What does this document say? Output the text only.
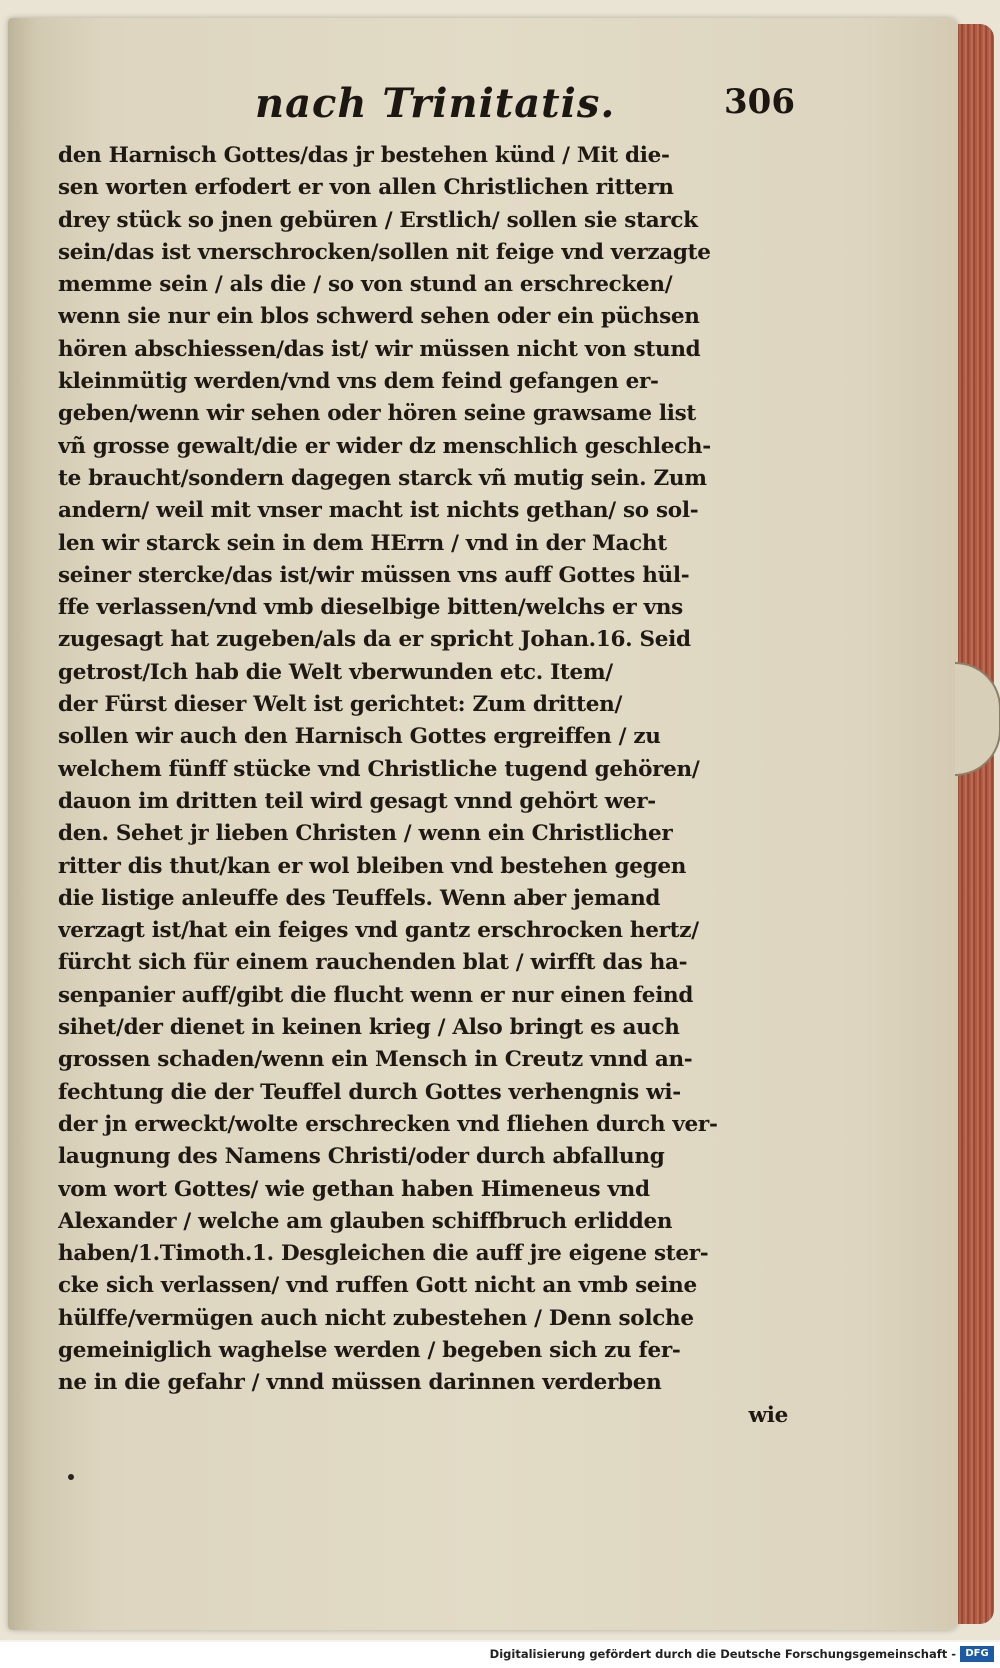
nach Trinitatis.	306
den Harnisch Gottes/das jr bestehen künd / Mit die-
sen worten erfodert er von allen Christlichen rittern
drey stück so jnen gebüren / Erstlich/ sollen sie starck
sein/das ist vnerschrocken/sollen nit feige vnd verzagte
memme sein / als die / so von stund an erschrecken/
wenn sie nur ein blos schwerd sehen oder ein püchsen
hören abschiessen/das ist/ wir müssen nicht von stund
kleinmütig werden/vnd vns dem feind gefangen er-
geben/wenn wir sehen oder hören seine grawsame list
vñ grosse gewalt/die er wider dz menschlich geschlech-
te braucht/sondern dagegen starck vñ mutig sein. Zum
andern/ weil mit vnser macht ist nichts gethan/ so sol-
len wir starck sein in dem HErrn / vnd in der Macht
seiner stercke/das ist/wir müssen vns auff Gottes hül-
ffe verlassen/vnd vmb dieselbige bitten/welchs er vns
zugesagt hat zugeben/als da er spricht Johan.16. Seid
getrost/Ich hab die Welt vberwunden etc. Item/
der Fürst dieser Welt ist gerichtet: Zum dritten/
sollen wir auch den Harnisch Gottes ergreiffen / zu
welchem fünff stücke vnd Christliche tugend gehören/
dauon im dritten teil wird gesagt vnnd gehört wer-
den. Sehet jr lieben Christen / wenn ein Christlicher
ritter dis thut/kan er wol bleiben vnd bestehen gegen
die listige anleuffe des Teuffels. Wenn aber jemand
verzagt ist/hat ein feiges vnd gantz erschrocken hertz/
fürcht sich für einem rauchenden blat / wirfft das ha-
senpanier auff/gibt die flucht wenn er nur einen feind
sihet/der dienet in keinen krieg / Also bringt es auch
grossen schaden/wenn ein Mensch in Creutz vnnd an-
fechtung die der Teuffel durch Gottes verhengnis wi-
der jn erweckt/wolte erschrecken vnd fliehen durch ver-
laugnung des Namens Christi/oder durch abfallung
vom wort Gottes/ wie gethan haben Himeneus vnd
Alexander / welche am glauben schiffbruch erlidden
haben/1.Timoth.1. Desgleichen die auff jre eigene ster-
cke sich verlassen/ vnd ruffen Gott nicht an vmb seine
hülffe/vermügen auch nicht zubestehen / Denn solche
gemeiniglich waghelse werden / begeben sich zu fer-
ne in die gefahr / vnnd müssen darinnen verderben
wie
Digitalisierung gefördert durch die Deutsche Forschungsgemeinschaft - DFG
